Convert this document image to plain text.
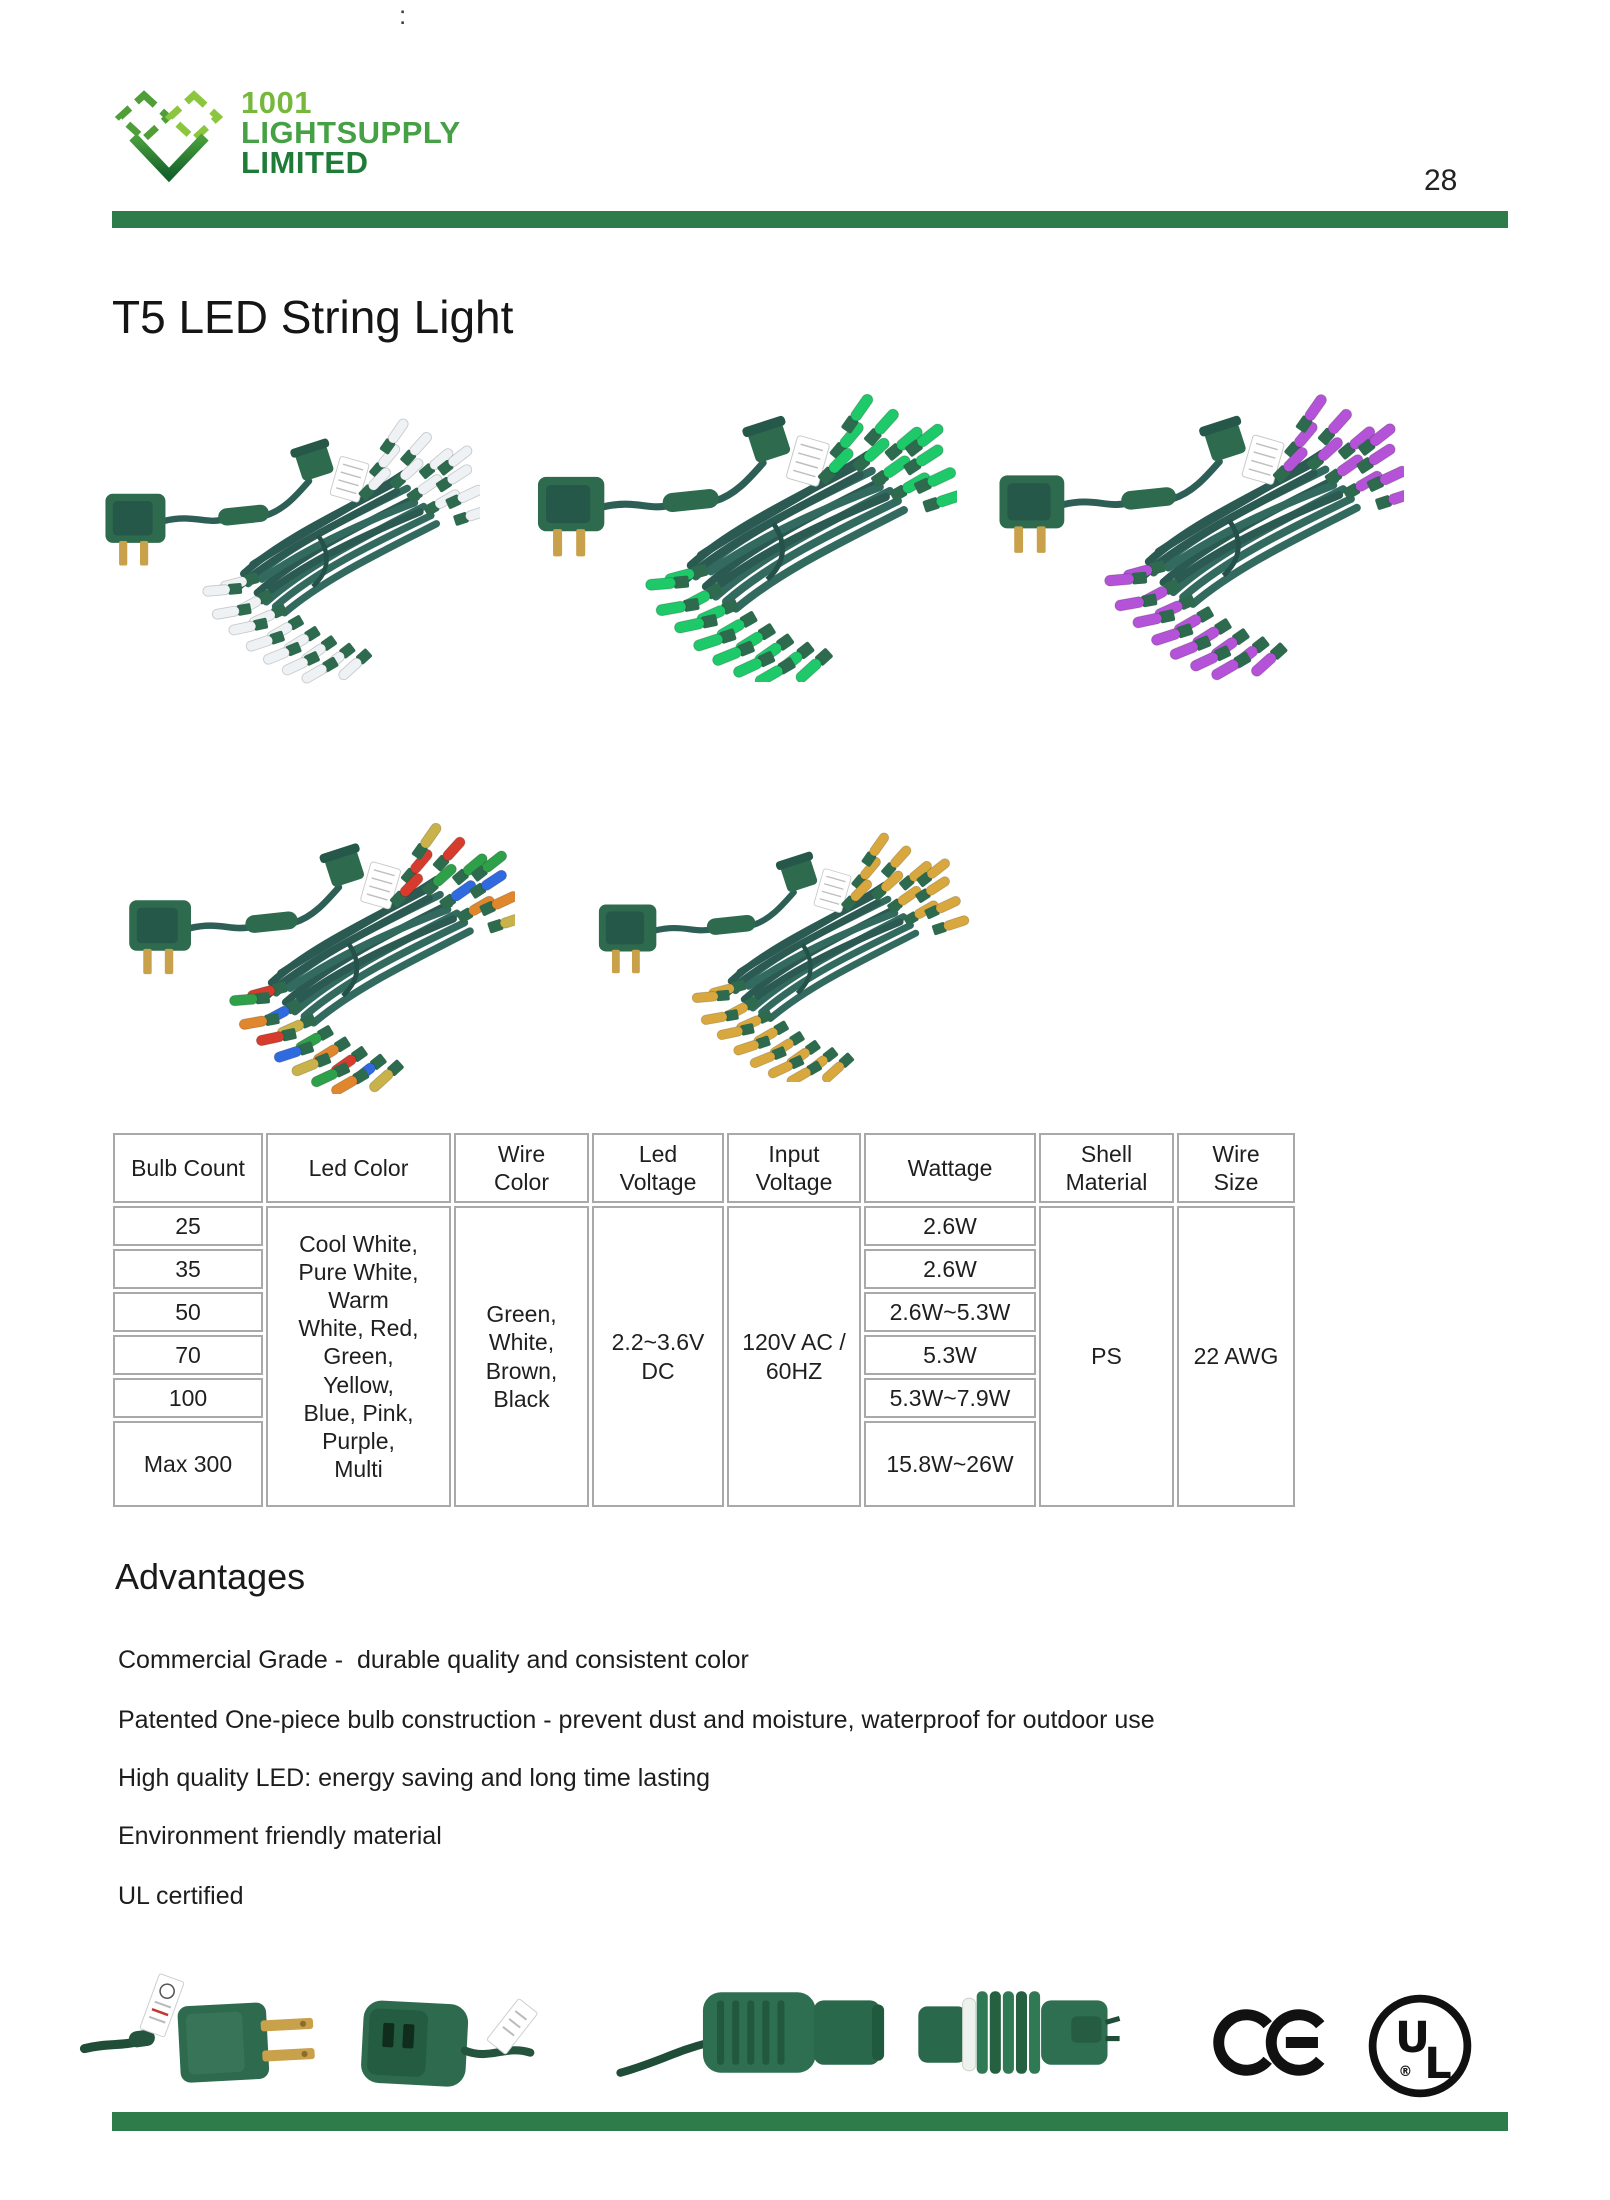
:
1001
LIGHTSUPPLY
LIMITED
28
T5 LED String Light
Bulb Count	Led Color
Wire Color
Led Voltage
Input Voltage
Wattage
Shell Material
Wire Size
25
35
50
70
100
Max 300
Cool White, Pure White, Warm White, Red, Green, Yellow, Blue, Pink, Purple, Multi
Green, White, Brown, Black
2.2~3.6V DC
120V AC / 60HZ
2.6W
2.6W
2.6W~5.3W
5.3W
5.3W~7.9W
15.8W~26W
PS	22 AWG
Advantages
Commercial Grade -  durable quality and consistent color
Patented One-piece bulb construction - prevent dust and moisture, waterproof for outdoor use
High quality LED: energy saving and long time lasting
Environment friendly material
UL certified
U
L
®
